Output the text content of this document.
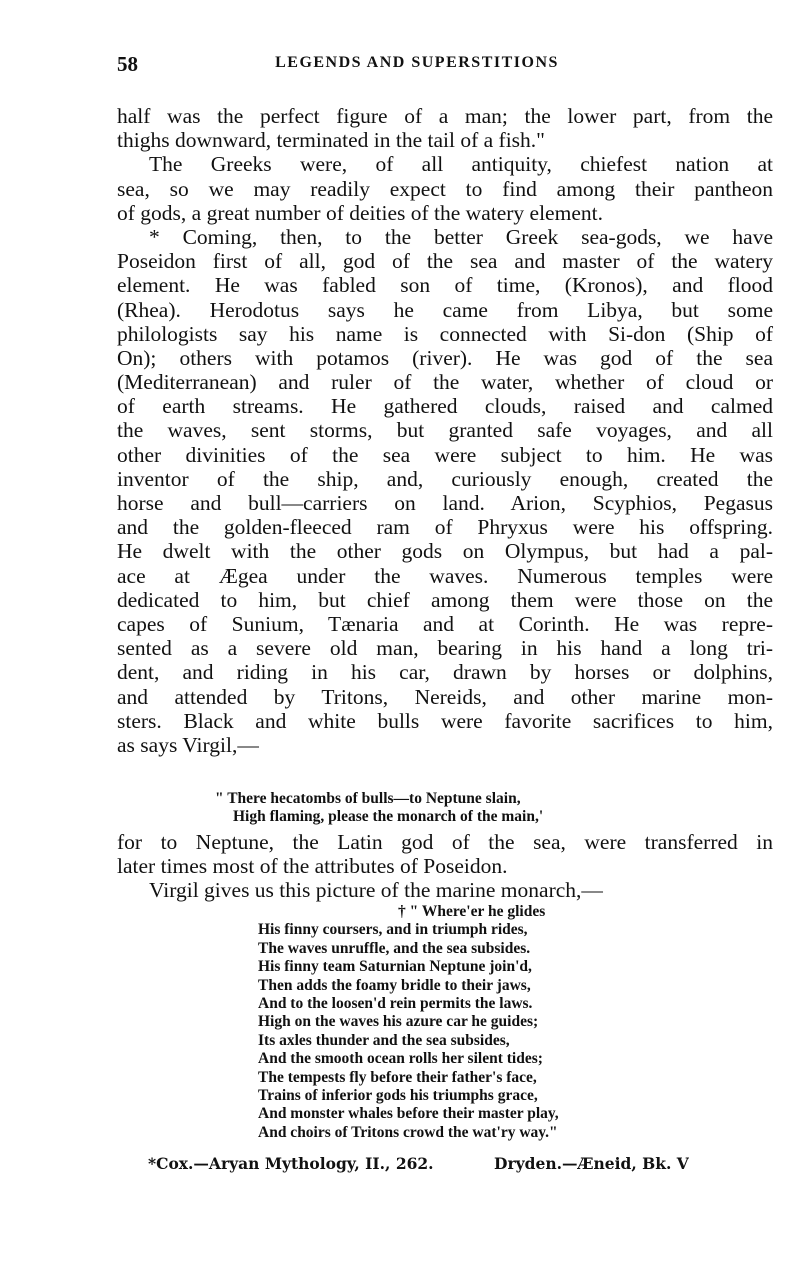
58	LEGENDS AND SUPERSTITIONS
half was the perfect figure of a man; the lower part, from the
thighs downward, terminated in the tail of a fish."
The Greeks were, of all antiquity, chiefest nation at
sea, so we may readily expect to find among their pantheon
of gods, a great number of deities of the watery element.
* Coming, then, to the better Greek sea-gods, we have
Poseidon first of all, god of the sea and master of the watery
element. He was fabled son of time, (Kronos), and flood
(Rhea). Herodotus says he came from Libya, but some
philologists say his name is connected with Si-don (Ship of
On); others with potamos (river). He was god of the sea
(Mediterranean) and ruler of the water, whether of cloud or
of earth streams. He gathered clouds, raised and calmed
the waves, sent storms, but granted safe voyages, and all
other divinities of the sea were subject to him. He was
inventor of the ship, and, curiously enough, created the
horse and bull—carriers on land. Arion, Scyphios, Pegasus
and the golden-fleeced ram of Phryxus were his offspring.
He dwelt with the other gods on Olympus, but had a pal-
ace at Ægea under the waves. Numerous temples were
dedicated to him, but chief among them were those on the
capes of Sunium, Tænaria and at Corinth. He was repre-
sented as a severe old man, bearing in his hand a long tri-
dent, and riding in his car, drawn by horses or dolphins,
and attended by Tritons, Nereids, and other marine mon-
sters. Black and white bulls were favorite sacrifices to him,
as says Virgil,—
" There hecatombs of bulls—to Neptune slain,
High flaming, please the monarch of the main,'
for to Neptune, the Latin god of the sea, were transferred in
later times most of the attributes of Poseidon.
Virgil gives us this picture of the marine monarch,—
† " Where'er he glides
His finny coursers, and in triumph rides,
The waves unruffle, and the sea subsides.
His finny team Saturnian Neptune join'd,
Then adds the foamy bridle to their jaws,
And to the loosen'd rein permits the laws.
High on the waves his azure car he guides;
Its axles thunder and the sea subsides,
And the smooth ocean rolls her silent tides;
The tempests fly before their father's face,
Trains of inferior gods his triumphs grace,
And monster whales before their master play,
And choirs of Tritons crowd the wat'ry way."
*Cox.—Aryan Mythology, II., 262.	Dryden.—Æneid, Bk. V
